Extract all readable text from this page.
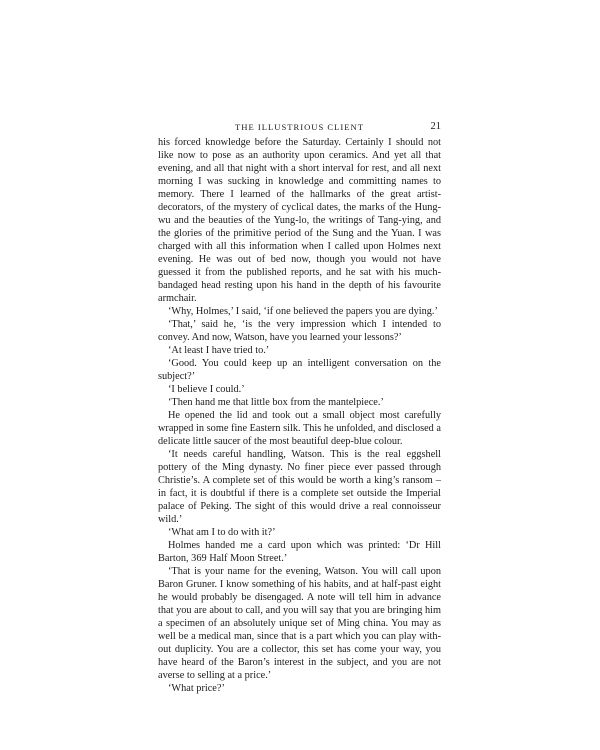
THE ILLUSTRIOUS CLIENT	21

his forced knowledge before the Saturday. Certainly I should not like now to pose as an authority upon ceramics. And yet all that evening, and all that night with a short interval for rest, and all next morning I was sucking in knowledge and committing names to memory. There I learned of the hallmarks of the great artist-decorators, of the mystery of cyclical dates, the marks of the Hung-wu and the beauties of the Yung-lo, the writings of Tang-ying, and the glories of the primitive period of the Sung and the Yuan. I was charged with all this information when I called upon Holmes next evening. He was out of bed now, though you would not have guessed it from the published reports, and he sat with his much-bandaged head resting upon his hand in the depth of his favourite armchair.

‘Why, Holmes,’ I said, ‘if one believed the papers you are dying.’

‘That,’ said he, ‘is the very impression which I intended to convey. And now, Watson, have you learned your lessons?’

‘At least I have tried to.’

‘Good. You could keep up an intelligent conversation on the subject?’

‘I believe I could.’

‘Then hand me that little box from the mantelpiece.’

He opened the lid and took out a small object most carefully wrapped in some fine Eastern silk. This he unfolded, and disclosed a delicate little saucer of the most beautiful deep-blue colour.

‘It needs careful handling, Watson. This is the real eggshell pottery of the Ming dynasty. No finer piece ever passed through Christie’s. A complete set of this would be worth a king’s ransom – in fact, it is doubtful if there is a complete set outside the Imperial palace of Peking. The sight of this would drive a real connoisseur wild.’

‘What am I to do with it?’

Holmes handed me a card upon which was printed: ‘Dr Hill Barton, 369 Half Moon Street.’

‘That is your name for the evening, Watson. You will call upon Baron Gruner. I know something of his habits, and at half-past eight he would probably be disengaged. A note will tell him in advance that you are about to call, and you will say that you are bringing him a specimen of an absolutely unique set of Ming china. You may as well be a medical man, since that is a part which you can play with-out duplicity. You are a collector, this set has come your way, you have heard of the Baron’s interest in the subject, and you are not averse to selling at a price.’

‘What price?’
